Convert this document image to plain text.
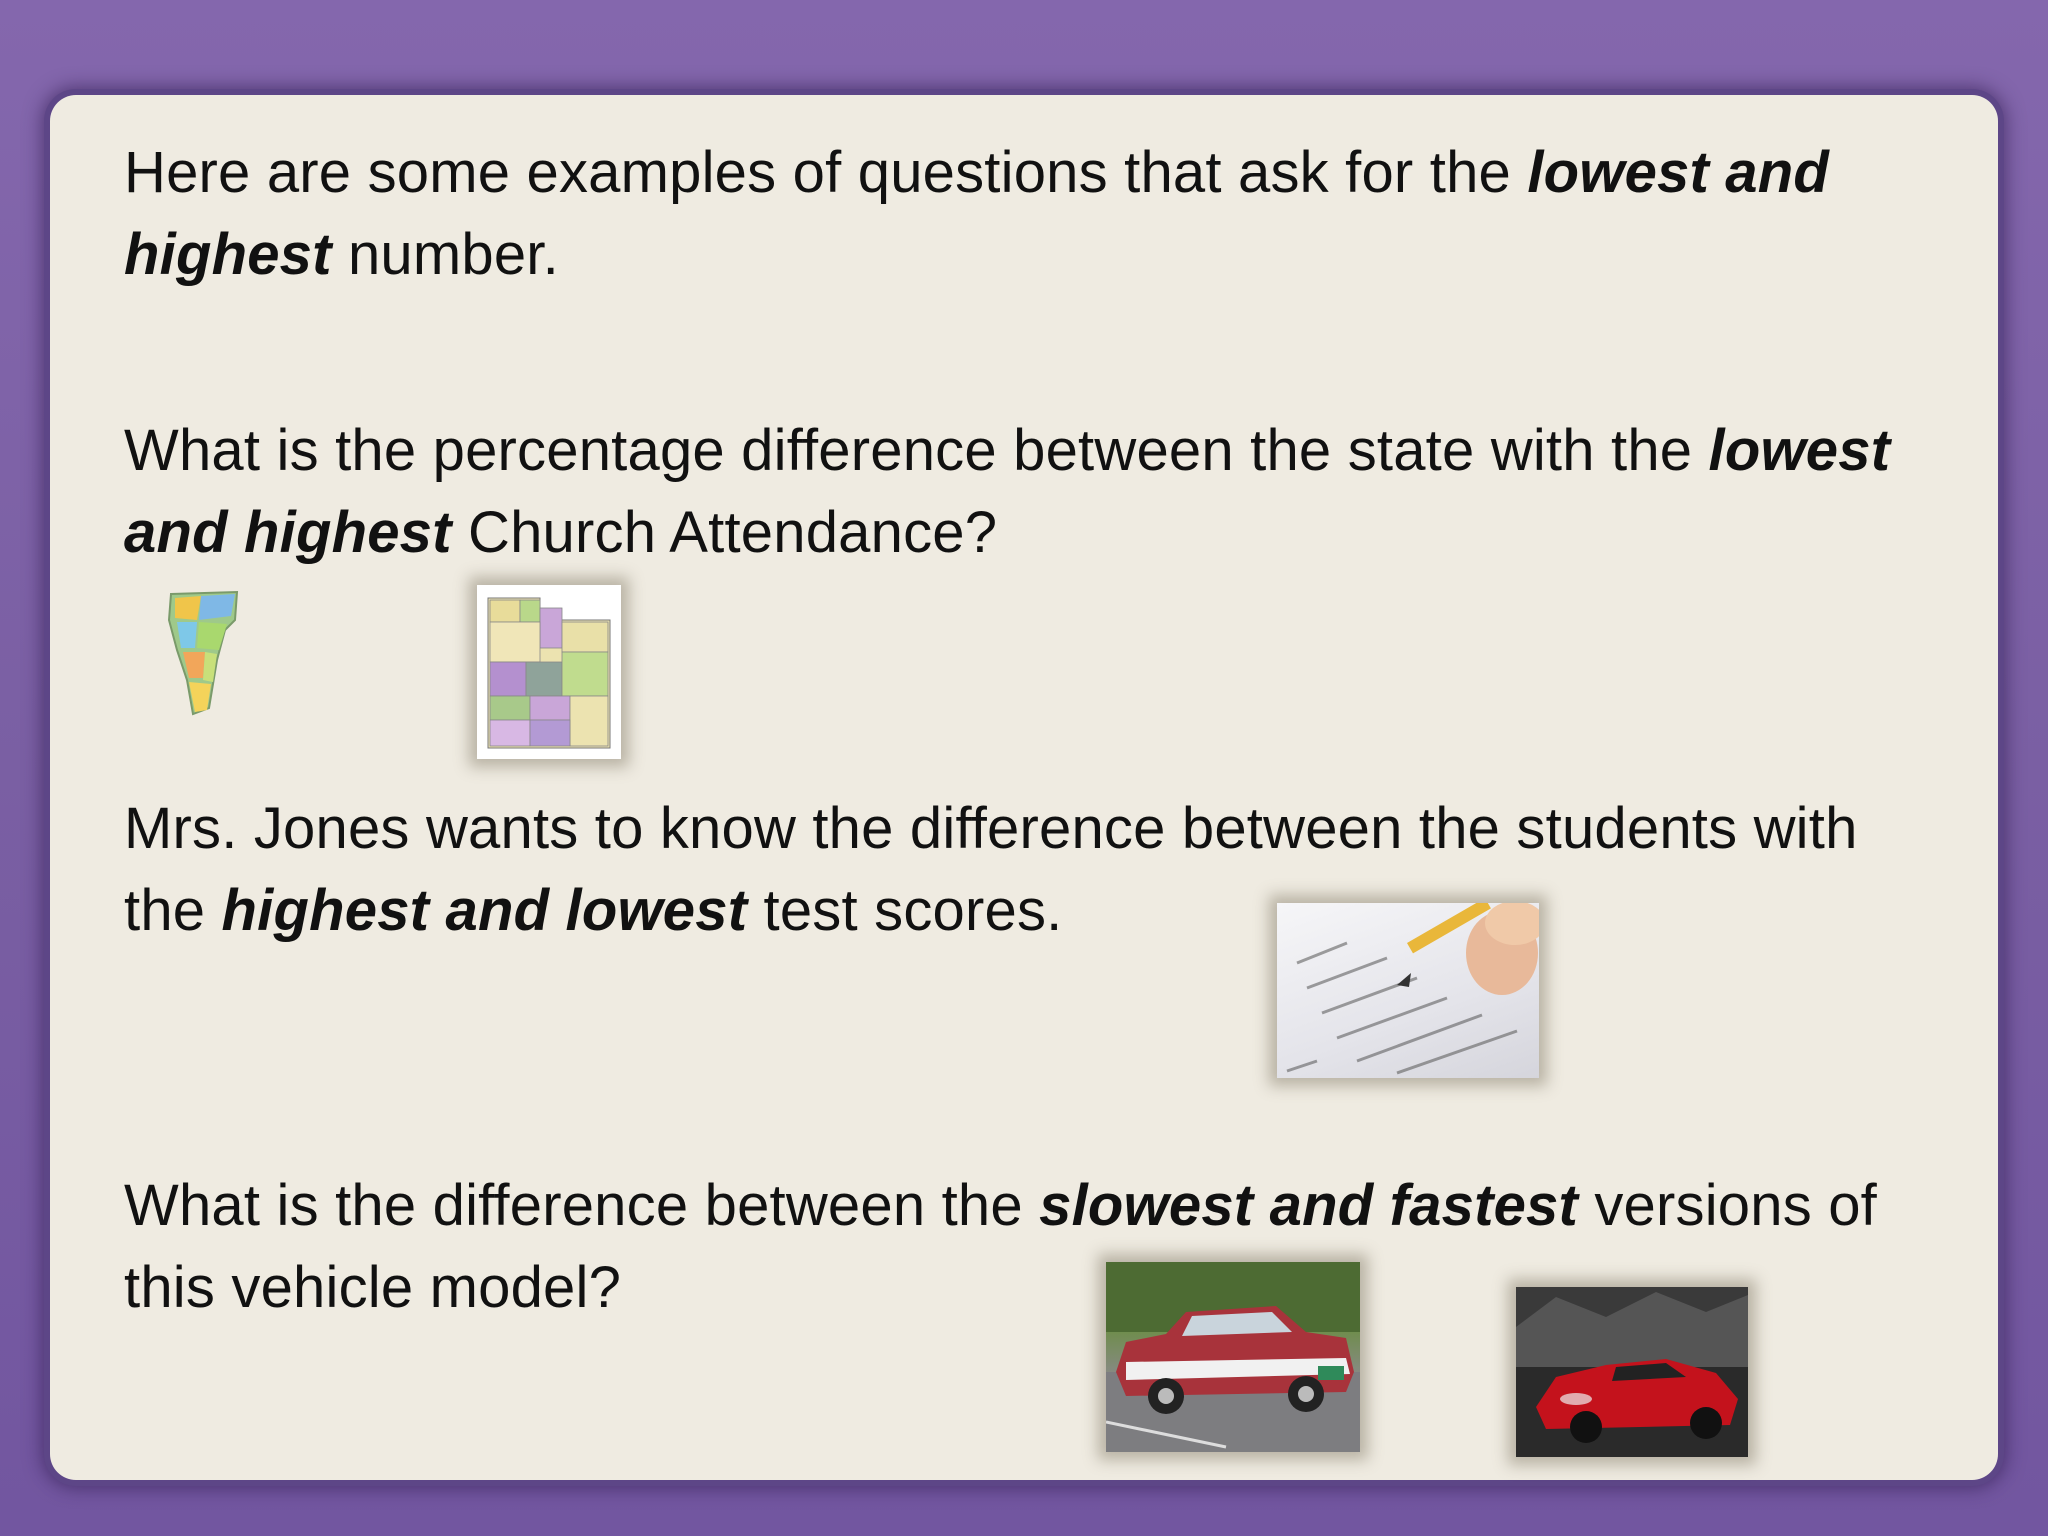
Here are some examples of questions that ask for the lowest and highest number.

What is the percentage difference between the state with the lowest and highest Church Attendance?

Mrs. Jones wants to know the difference between the students with the highest and lowest test scores.

What is the difference between the slowest and fastest versions of this vehicle model?
